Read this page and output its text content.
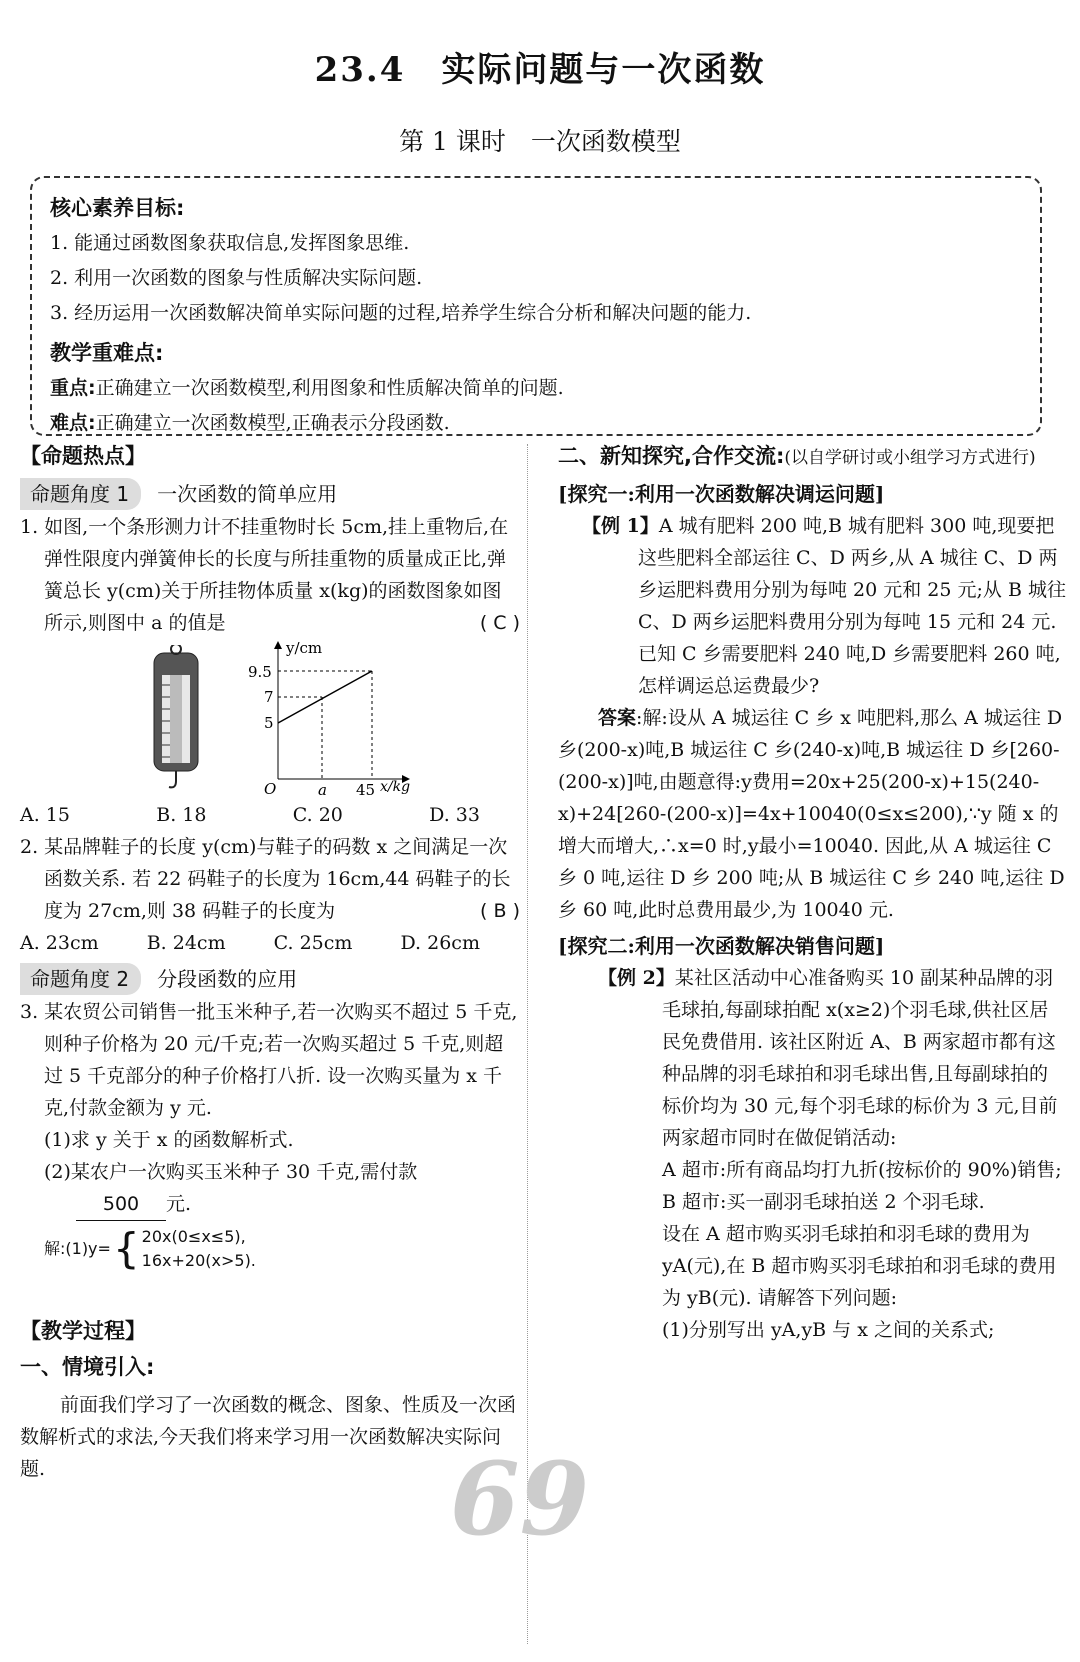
23.4　实际问题与一次函数
第 1 课时　一次函数模型
核心素养目标:
1. 能通过函数图象获取信息,发挥图象思维.
2. 利用一次函数的图象与性质解决实际问题.
3. 经历运用一次函数解决简单实际问题的过程,培养学生综合分析和解决问题的能力.
教学重难点:
重点:正确建立一次函数模型,利用图象和性质解决简单的问题.
难点:正确建立一次函数模型,正确表示分段函数.
【命题热点】
命题角度 1 一次函数的简单应用

1. 如图,一个条形测力计不挂重物时长 5cm,挂上重物后,在弹性限度内弹簧伸长的长度与所挂重物的质量成正比,弹簧总长 y(cm)关于所挂物体质量 x(kg)的函数图象如图所示,则图中 a 的值是	( C )

y/cm
x/kg
O
9.5
7
5
a 45
A. 15	B. 18	C. 20	D. 33

2. 某品牌鞋子的长度 y(cm)与鞋子的码数 x 之间满足一次函数关系. 若 22 码鞋子的长度为 16cm,44 码鞋子的长度为 27cm,则 38 码鞋子的长度为	( B )

A. 23cm	B. 24cm	C. 25cm	D. 26cm
命题角度 2 分段函数的应用

3. 某农贸公司销售一批玉米种子,若一次购买不超过 5 千克,则种子价格为 20 元/千克;若一次购买超过 5 千克,则超过 5 千克部分的种子价格打八折. 设一次购买量为 x 千克,付款金额为 y 元.

(1)求 y 关于 x 的函数解析式.

(2)某农户一次购买玉米种子 30 千克,需付款

500 元.

解:(1)y= { 20x(0≤x≤5),
16x+20(x>5).
【教学过程】
一、情境引入:

前面我们学习了一次函数的概念、图象、性质及一次函数解析式的求法,今天我们将来学习用一次函数解决实际问题.

二、新知探究,合作交流:(以自学研讨或小组学习方式进行)
[探究一:利用一次函数解决调运问题]

【例 1】A 城有肥料 200 吨,B 城有肥料 300 吨,现要把这些肥料全部运往 C、D 两乡,从 A 城往 C、D 两乡运肥料费用分别为每吨 20 元和 25 元;从 B 城往 C、D 两乡运肥料费用分别为每吨 15 元和 24 元. 已知 C 乡需要肥料 240 吨,D 乡需要肥料 260 吨,怎样调运总运费最少?

答案:解:设从 A 城运往 C 乡 x 吨肥料,那么 A 城运往 D 乡(200-x)吨,B 城运往 C 乡(240-x)吨,B 城运往 D 乡[260-(200-x)]吨,由题意得:y费用=20x+25(200-x)+15(240-x)+24[260-(200-x)]=4x+10040(0≤x≤200),∵y 随 x 的增大而增大,∴x=0 时,y最小=10040. 因此,从 A 城运往 C 乡 0 吨,运往 D 乡 200 吨;从 B 城运往 C 乡 240 吨,运往 D 乡 60 吨,此时总费用最少,为 10040 元.

[探究二:利用一次函数解决销售问题]

【例 2】某社区活动中心准备购买 10 副某种品牌的羽毛球拍,每副球拍配 x(x≥2)个羽毛球,供社区居民免费借用. 该社区附近 A、B 两家超市都有这种品牌的羽毛球拍和羽毛球出售,且每副球拍的标价均为 30 元,每个羽毛球的标价为 3 元,目前两家超市同时在做促销活动:

A 超市:所有商品均打九折(按标价的 90%)销售;

B 超市:买一副羽毛球拍送 2 个羽毛球.

设在 A 超市购买羽毛球拍和羽毛球的费用为 yA(元),在 B 超市购买羽毛球拍和羽毛球的费用为 yB(元). 请解答下列问题:

(1)分别写出 yA,yB 与 x 之间的关系式;

69
